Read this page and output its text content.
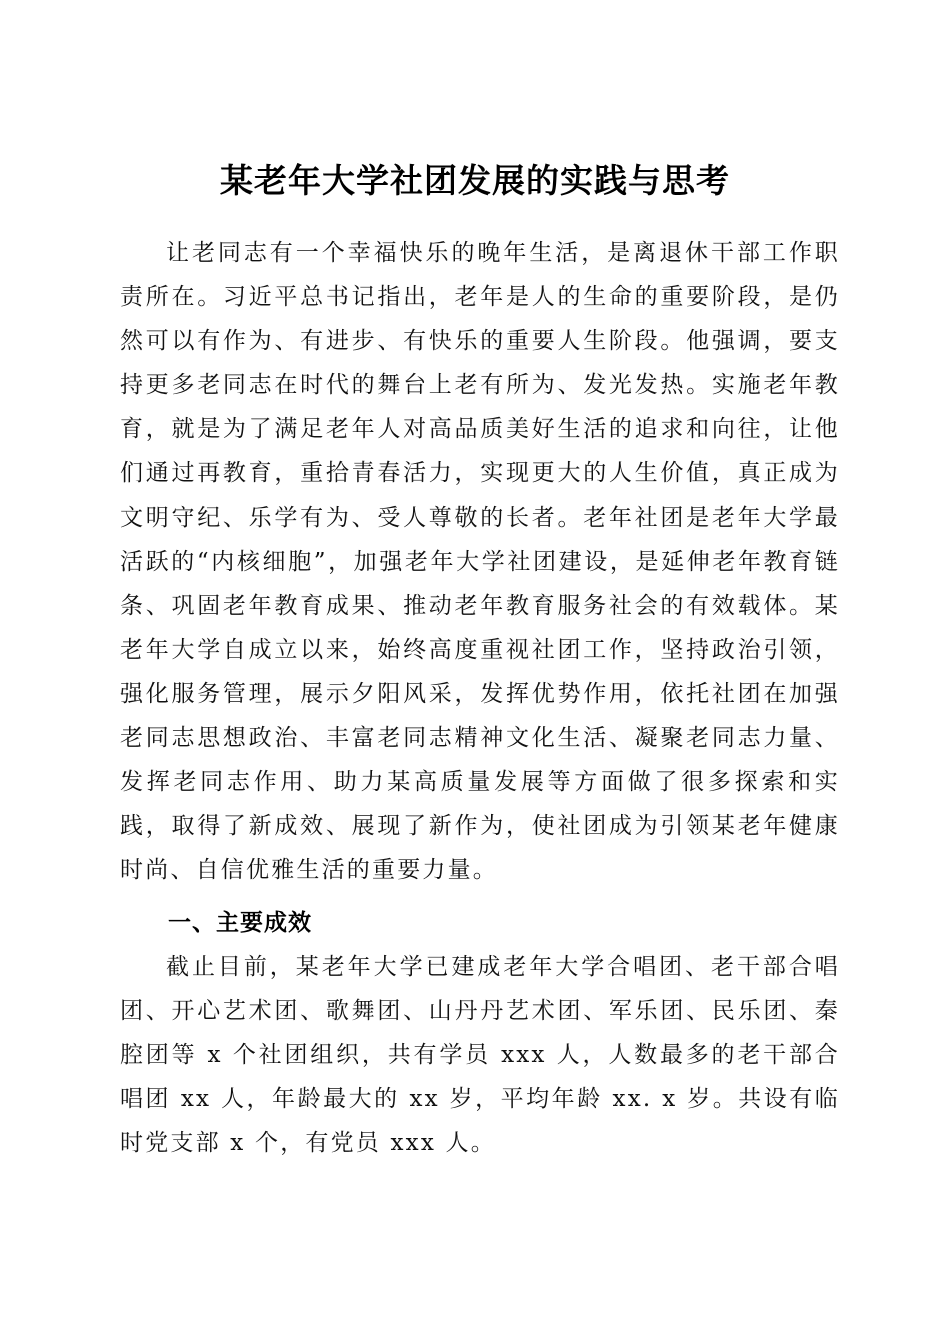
某老年大学社团发展的实践与思考

让老同志有一个幸福快乐的晚年生活，是离退休干部工作职责所在。习近平总书记指出，老年是人的生命的重要阶段，是仍然可以有作为、有进步、有快乐的重要人生阶段。他强调，要支持更多老同志在时代的舞台上老有所为、发光发热。实施老年教育，就是为了满足老年人对高品质美好生活的追求和向往，让他们通过再教育，重拾青春活力，实现更大的人生价值，真正成为文明守纪、乐学有为、受人尊敬的长者。老年社团是老年大学最活跃的“内核细胞”，加强老年大学社团建设，是延伸老年教育链条、巩固老年教育成果、推动老年教育服务社会的有效载体。某老年大学自成立以来，始终高度重视社团工作，坚持政治引领，强化服务管理，展示夕阳风采，发挥优势作用，依托社团在加强老同志思想政治、丰富老同志精神文化生活、凝聚老同志力量、发挥老同志作用、助力某高质量发展等方面做了很多探索和实践，取得了新成效、展现了新作为，使社团成为引领某老年健康时尚、自信优雅生活的重要力量。

一、主要成效

截止目前，某老年大学已建成老年大学合唱团、老干部合唱团、开心艺术团、歌舞团、山丹丹艺术团、军乐团、民乐团、秦腔团等 x 个社团组织，共有学员 xxx 人，人数最多的老干部合唱团 xx 人，年龄最大的 xx 岁，平均年龄 xx. x 岁。共设有临时党支部 x 个，有党员 xxx 人。
